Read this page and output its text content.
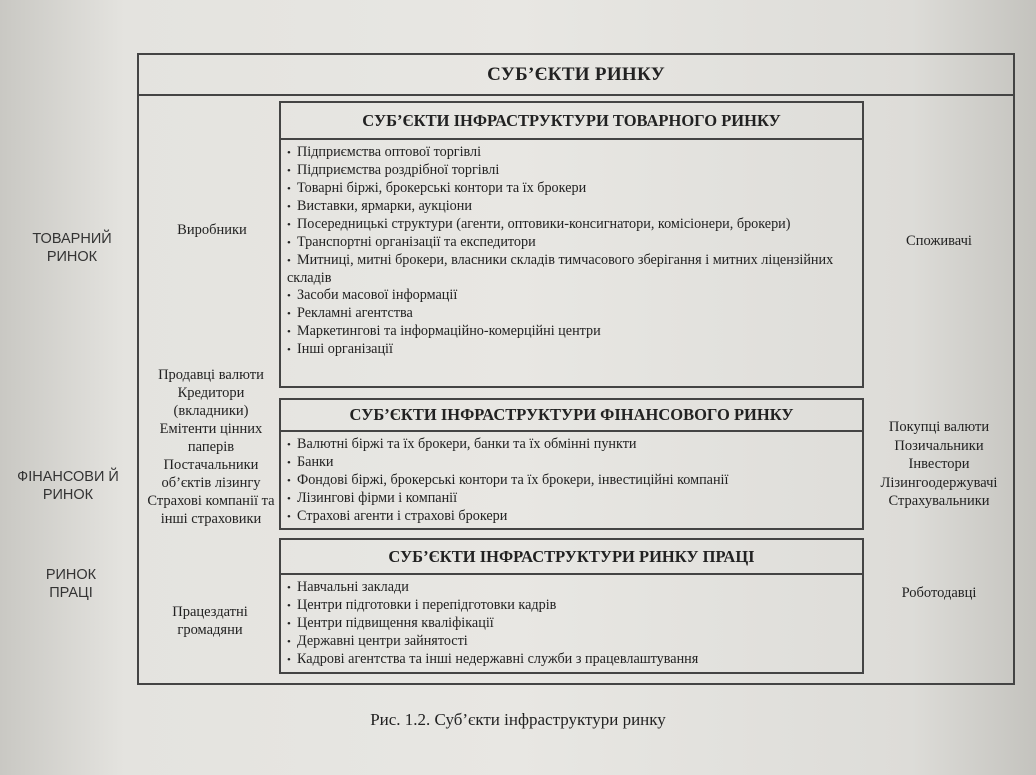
ТОВАРНИЙ РИНОК
ФІНАНСОВИ Й РИНОК
РИНОК ПРАЦІ
СУБ’ЄКТИ РИНКУ
СУБ’ЄКТИ ІНФРАСТРУКТУРИ ТОВАРНОГО РИНКУ
• Підприємства оптової торгівлі
• Підприємства роздрібної торгівлі
• Товарні біржі, брокерські контори та їх брокери
• Виставки, ярмарки, аукціони
• Посередницькі структури (агенти, оптовики-консигнатори, комісіонери, брокери)
• Транспортні організації та експедитори
• Митниці, митні брокери, власники складів тимчасового зберігання і митних ліцензійних складів
• Засоби масової інформації
• Рекламні агентства
• Маркетингові та інформаційно-комерційні центри
• Інші організації
СУБ’ЄКТИ ІНФРАСТРУКТУРИ ФІНАНСОВОГО РИНКУ
• Валютні біржі та їх брокери, банки та їх обмінні пункти
• Банки
• Фондові біржі, брокерські контори та їх брокери, інвестиційні компанії
• Лізингові фірми і компанії
• Страхові агенти і страхові брокери
СУБ’ЄКТИ ІНФРАСТРУКТУРИ РИНКУ ПРАЦІ
• Навчальні заклади
• Центри підготовки і перепідготовки кадрів
• Центри підвищення кваліфікації
• Державні центри зайнятості
• Кадрові агентства та інші недержавні служби з працевлаштування
Виробники
Продавці валюти Кредитори (вкладники) Емітенти цінних паперів Постачальники об’єктів лізингу Страхові компанії та інші страховики
Працездатні громадяни
Споживачі
Покупці валюти Позичальники Інвестори Лізингоодержувачі Страхувальники
Роботодавці
Рис. 1.2. Суб’єкти інфраструктури ринку
